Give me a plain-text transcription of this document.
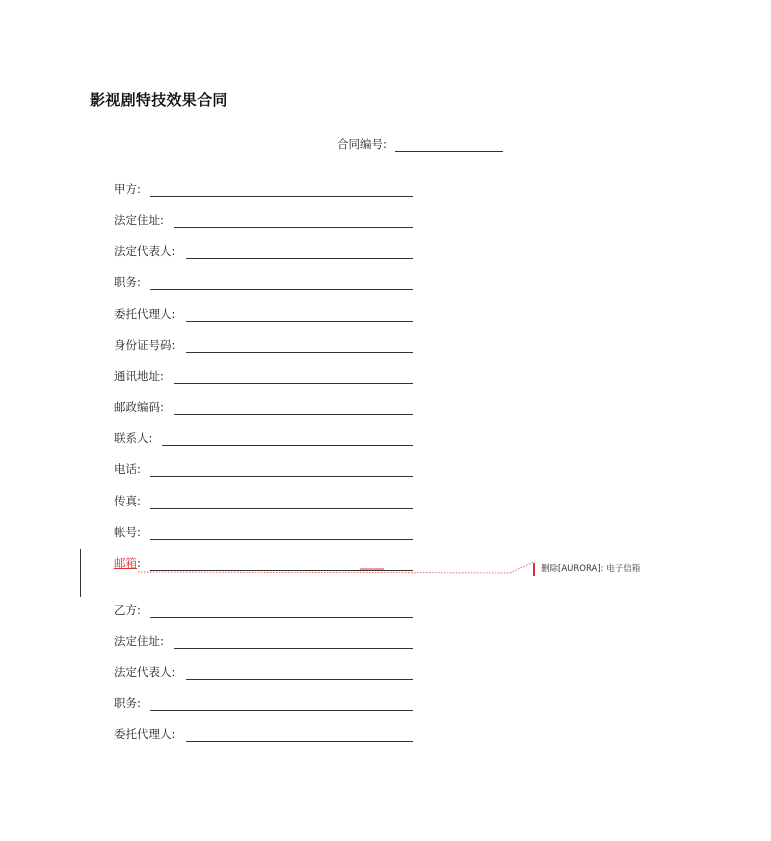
影视剧特技效果合同
合同编号:
甲方:
法定住址:
法定代表人:
职务:
委托代理人:
身份证号码:
通讯地址:
邮政编码:
联系人:
电话:
传真:
帐号:
邮箱:
乙方:
法定住址:
法定代表人:
职务:
委托代理人:
删除[AURORA]: 电子信箱
